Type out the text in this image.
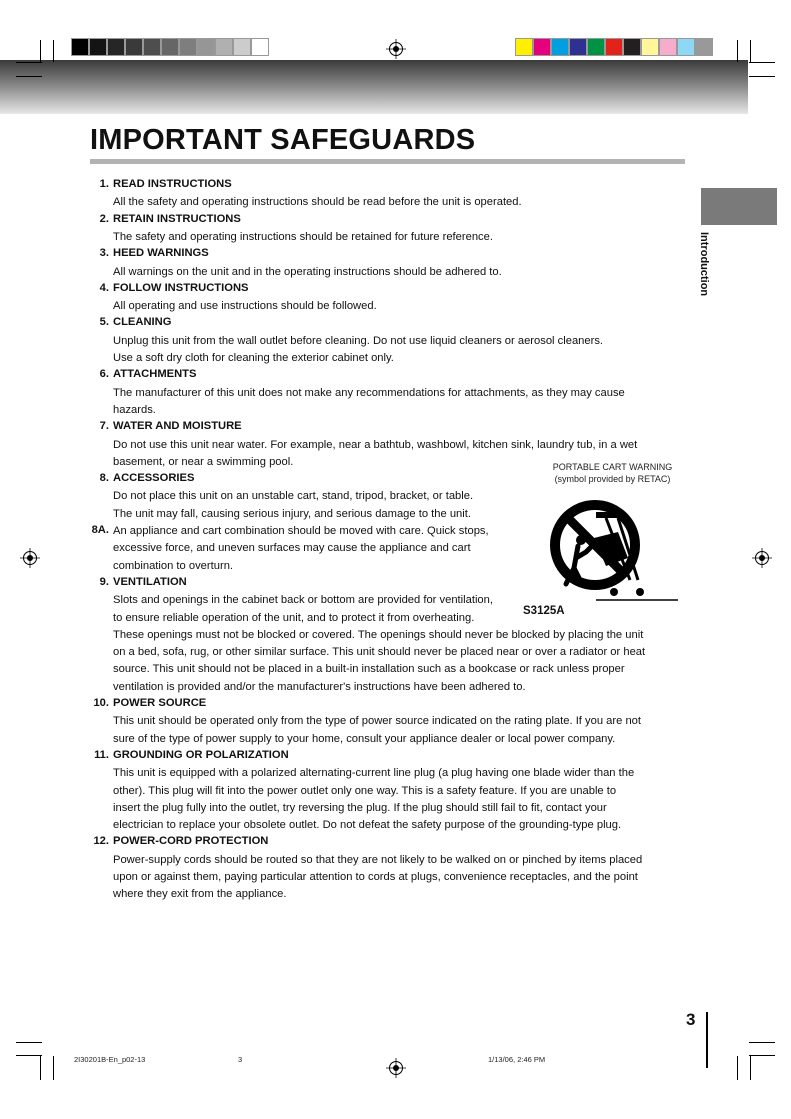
IMPORTANT SAFEGUARDS
Introduction
1. READ INSTRUCTIONS
All the safety and operating instructions should be read before the unit is operated.
2. RETAIN INSTRUCTIONS
The safety and operating instructions should be retained for future reference.
3. HEED WARNINGS
All warnings on the unit and in the operating instructions should be adhered to.
4. FOLLOW INSTRUCTIONS
All operating and use instructions should be followed.
5. CLEANING
Unplug this unit from the wall outlet before cleaning. Do not use liquid cleaners or aerosol cleaners.
Use a soft dry cloth for cleaning the exterior cabinet only.
6. ATTACHMENTS
The manufacturer of this unit does not make any recommendations for attachments, as they may cause
hazards.
7. WATER AND MOISTURE
Do not use this unit near water. For example, near a bathtub, washbowl, kitchen sink, laundry tub, in a wet
basement, or near a swimming pool.
8. ACCESSORIES
Do not place this unit on an unstable cart, stand, tripod, bracket, or table.
The unit may fall, causing serious injury, and serious damage to the unit.
8A. An appliance and cart combination should be moved with care. Quick stops,
excessive force, and uneven surfaces may cause the appliance and cart
combination to overturn.
9. VENTILATION
Slots and openings in the cabinet back or bottom are provided for ventilation,
to ensure reliable operation of the unit, and to protect it from overheating.
These openings must not be blocked or covered. The openings should never be blocked by placing the unit
on a bed, sofa, rug, or other similar surface. This unit should never be placed near or over a radiator or heat
source. This unit should not be placed in a built-in installation such as a bookcase or rack unless proper
ventilation is provided and/or the manufacturer's instructions have been adhered to.
10. POWER SOURCE
This unit should be operated only from the type of power source indicated on the rating plate. If you are not
sure of the type of power supply to your home, consult your appliance dealer or local power company.
11. GROUNDING OR POLARIZATION
This unit is equipped with a polarized alternating-current line plug (a plug having one blade wider than the
other). This plug will fit into the power outlet only one way. This is a safety feature. If you are unable to
insert the plug fully into the outlet, try reversing the plug. If the plug should still fail to fit, contact your
electrician to replace your obsolete outlet. Do not defeat the safety purpose of the grounding-type plug.
12. POWER-CORD PROTECTION
Power-supply cords should be routed so that they are not likely to be walked on or pinched by items placed
upon or against them, paying particular attention to cords at plugs, convenience receptacles, and the point
where they exit from the appliance.
PORTABLE CART WARNING
(symbol provided by RETAC)
S3125A
3
2I30201B-En_p02-13	3	1/13/06, 2:46 PM
